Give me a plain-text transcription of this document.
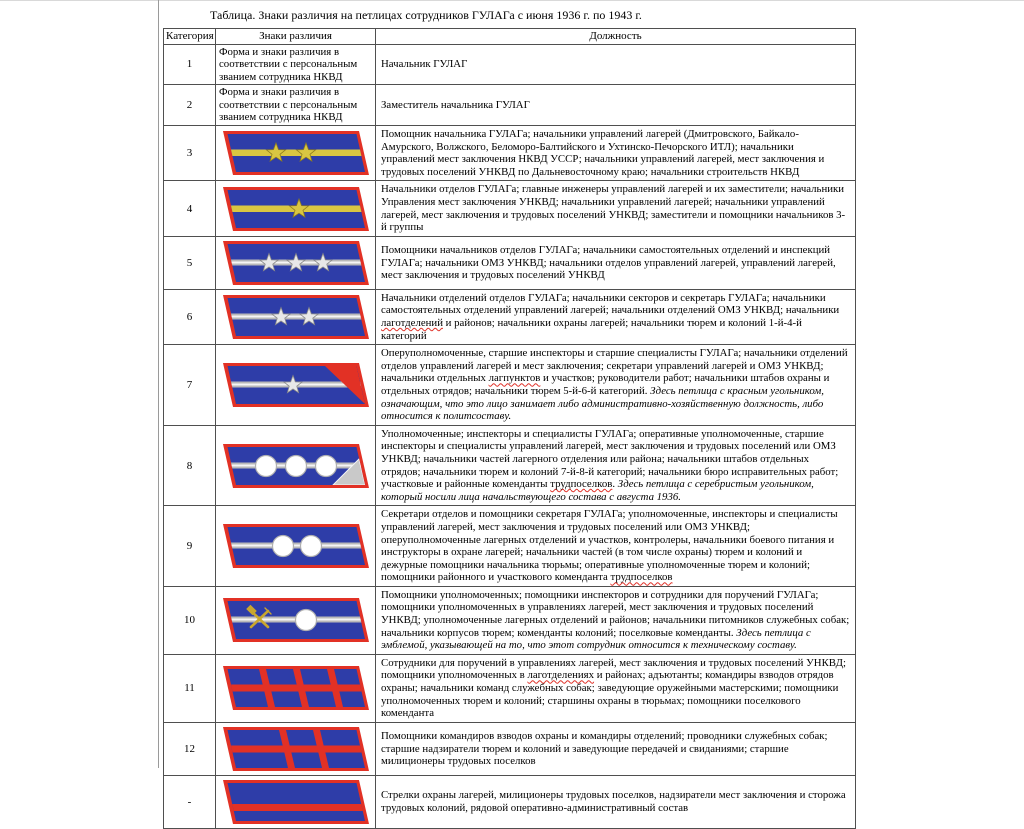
Таблица. Знаки различия на петлицах сотрудников ГУЛАГа с июня 1936 г. по 1943 г.
Категория	Знаки различия	Должность
1	Форма и знаки различия в соответствии с персональным званием сотрудника НКВД	Начальник ГУЛАГ
2	Форма и знаки различия в соответствии с персональным званием сотрудника НКВД	Заместитель начальника ГУЛАГ
3		Помощник начальника ГУЛАГа; начальники управлений лагерей (Дмитровского, Байкало-Амурского, Волжского, Беломоро-Балтийского и Ухтинско-Печорского ИТЛ); начальники управлений мест заключения НКВД УССР; начальники управлений лагерей, мест заключения и трудовых поселений УНКВД по Дальневосточному краю; начальники строительств НКВД
4		Начальники отделов ГУЛАГа; главные инженеры управлений лагерей и их заместители; начальники Управления мест заключения УНКВД; начальники управлений лагерей; начальники управлений лагерей, мест заключения и трудовых поселений УНКВД; заместители и помощники начальников 3-й группы
5		Помощники начальников отделов ГУЛАГа; начальники самостоятельных отделений и инспекций ГУЛАГа; начальники ОМЗ УНКВД; начальники отделов управлений лагерей, управлений лагерей, мест заключения и трудовых поселений УНКВД
6		Начальники отделений отделов ГУЛАГа; начальники секторов и секретарь ГУЛАГа; начальники самостоятельных отделений управлений лагерей; начальники отделений ОМЗ УНКВД; начальники лаготделений и районов; начальники охраны лагерей; начальники тюрем и колоний 1-й-4-й категорий
7		Оперуполномоченные, старшие инспекторы и старшие специалисты ГУЛАГа; начальники отделений отделов управлений лагерей и мест заключения; секретари управлений лагерей и ОМЗ УНКВД; начальники отдельных лагпунктов и участков; руководители работ; начальники штабов охраны и отдельных отрядов; начальники тюрем 5-й-6-й категорий. Здесь петлица с красным угольником, означающим, что это лицо занимает либо административно-хозяйственную должность, либо относится к политсоставу.
8		Уполномоченные; инспекторы и специалисты ГУЛАГа; оперативные уполномоченные, старшие инспекторы и специалисты управлений лагерей, мест заключения и трудовых поселений или ОМЗ УНКВД; начальники частей лагерного отделения или района; начальники штабов отдельных отрядов; начальники тюрем и колоний 7-й-8-й категорий; начальники бюро исправительных работ; участковые и районные коменданты трудпоселков. Здесь петлица с серебристым угольником, который носили лица начальствующего состава с августа 1936.
9		Секретари отделов и помощники секретаря ГУЛАГа; уполномоченные, инспекторы и специалисты управлений лагерей, мест заключения и трудовых поселений или ОМЗ УНКВД; оперуполномоченные лагерных отделений и участков, контролеры, начальники боевого питания и инструкторы в охране лагерей; начальники частей (в том числе охраны) тюрем и колоний и дежурные помощники начальника тюрьмы; оперативные уполномоченные тюрем и колоний; помощники районного и участкового коменданта трудпоселков
10		Помощники уполномоченных; помощники инспекторов и сотрудники для поручений ГУЛАГа; помощники уполномоченных в управлениях лагерей, мест заключения и трудовых поселений УНКВД; уполномоченные лагерных отделений и районов; начальники питомников служебных собак; начальники корпусов тюрем; коменданты колоний; поселковые коменданты. Здесь петлица с эмблемой, указывающей на то, что этот сотрудник относится к техническому составу.
11		Сотрудники для поручений в управлениях лагерей, мест заключения и трудовых поселений УНКВД; помощники уполномоченных в лаготделениях и районах; адъютанты; командиры взводов отрядов охраны; начальники команд служебных собак; заведующие оружейными мастерскими; помощники уполномоченных тюрем и колоний; старшины охраны в тюрьмах; помощники поселкового коменданта
12		Помощники командиров взводов охраны и командиры отделений; проводники служебных собак; старшие надзиратели тюрем и колоний и заведующие передачей и свиданиями; старшие милиционеры трудовых поселков
-		Стрелки охраны лагерей, милиционеры трудовых поселков, надзиратели мест заключения и сторожа трудовых колоний, рядовой оперативно-административный состав
